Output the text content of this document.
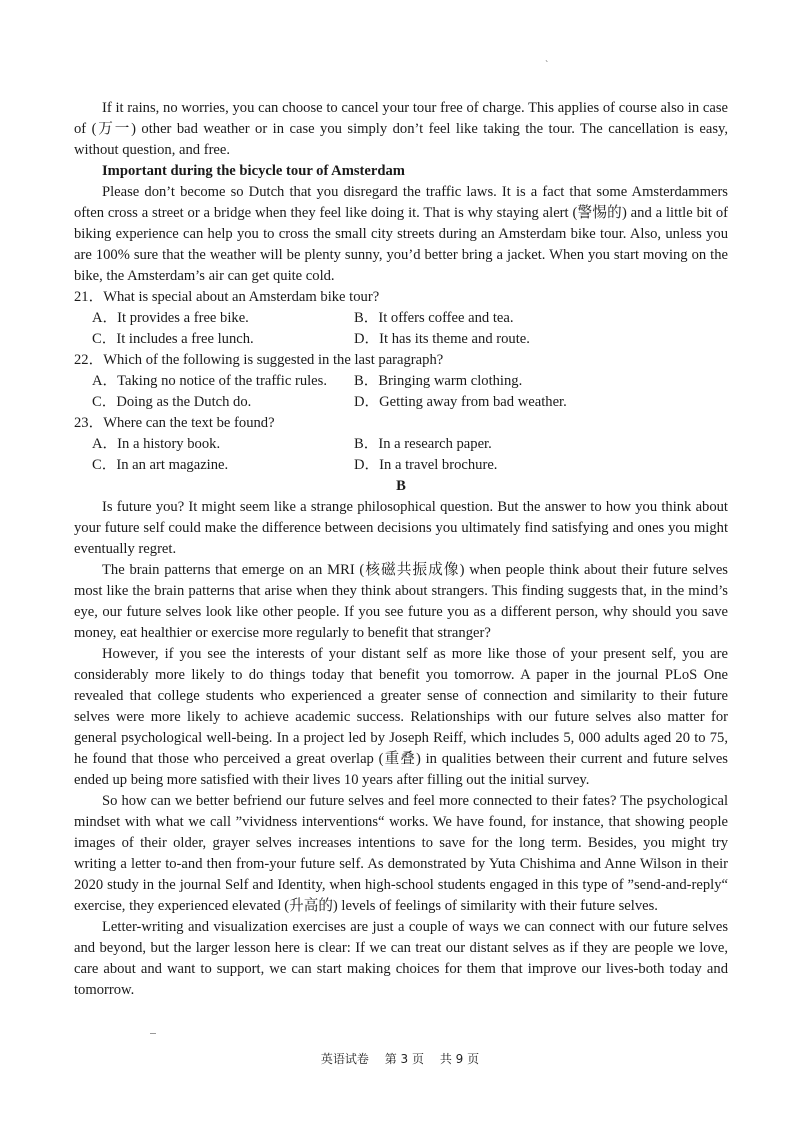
`

If it rains, no worries, you can choose to cancel your tour free of charge. This applies of course also in case of (万一) other bad weather or in case you simply don’t feel like taking the tour. The cancellation is easy, without question, and free.

Important during the bicycle tour of Amsterdam

Please don’t become so Dutch that you disregard the traffic laws. It is a fact that some Amsterdammers often cross a street or a bridge when they feel like doing it. That is why staying alert (警惕的) and a little bit of biking experience can help you to cross the small city streets during an Amsterdam bike tour. Also, unless you are 100% sure that the weather will be plenty sunny, you’d better bring a jacket. When you start moving on the bike, the Amsterdam’s air can get quite cold.

21．What is special about an Amsterdam bike tour?

A．It provides a free bike.	B．It offers coffee and tea.
C．It includes a free lunch.	D．It has its theme and route.

22．Which of the following is suggested in the last paragraph?

A．Taking no notice of the traffic rules.	B．Bringing warm clothing.
C．Doing as the Dutch do.	D．Getting away from bad weather.

23．Where can the text be found?

A．In a history book.	B．In a research paper.
C．In an art magazine.	D．In a travel brochure.

B

Is future you? It might seem like a strange philosophical question. But the answer to how you think about your future self could make the difference between decisions you ultimately find satisfying and ones you might eventually regret.

The brain patterns that emerge on an MRI (核磁共振成像) when people think about their future selves most like the brain patterns that arise when they think about strangers. This finding suggests that, in the mind’s eye, our future selves look like other people. If you see future you as a different person, why should you save money, eat healthier or exercise more regularly to benefit that stranger?

However, if you see the interests of your distant self as more like those of your present self, you are considerably more likely to do things today that benefit you tomorrow. A paper in the journal PLoS One revealed that college students who experienced a greater sense of connection and similarity to their future selves were more likely to achieve academic success. Relationships with our future selves also matter for general psychological well-being. In a project led by Joseph Reiff, which includes 5, 000 adults aged 20 to 75, he found that those who perceived a great overlap (重叠) in qualities between their current and future selves ended up being more satisfied with their lives 10 years after filling out the initial survey.

So how can we better befriend our future selves and feel more connected to their fates? The psychological mindset with what we call ”vividness interventions“ works. We have found, for instance, that showing people images of their older, grayer selves increases intentions to save for the long term. Besides, you might try writing a letter to-and then from-your future self. As demonstrated by Yuta Chishima and Anne Wilson in their 2020 study in the journal Self and Identity, when high-school students engaged in this type of ”send-and-reply“ exercise, they experienced elevated (升高的) levels of feelings of similarity with their future selves.

Letter-writing and visualization exercises are just a couple of ways we can connect with our future selves and beyond, but the larger lesson here is clear: If we can treat our distant selves as if they are people we love, care about and want to support, we can start making choices for them that improve our lives-both today and tomorrow.

英语试卷 第 3 页 共 9 页
